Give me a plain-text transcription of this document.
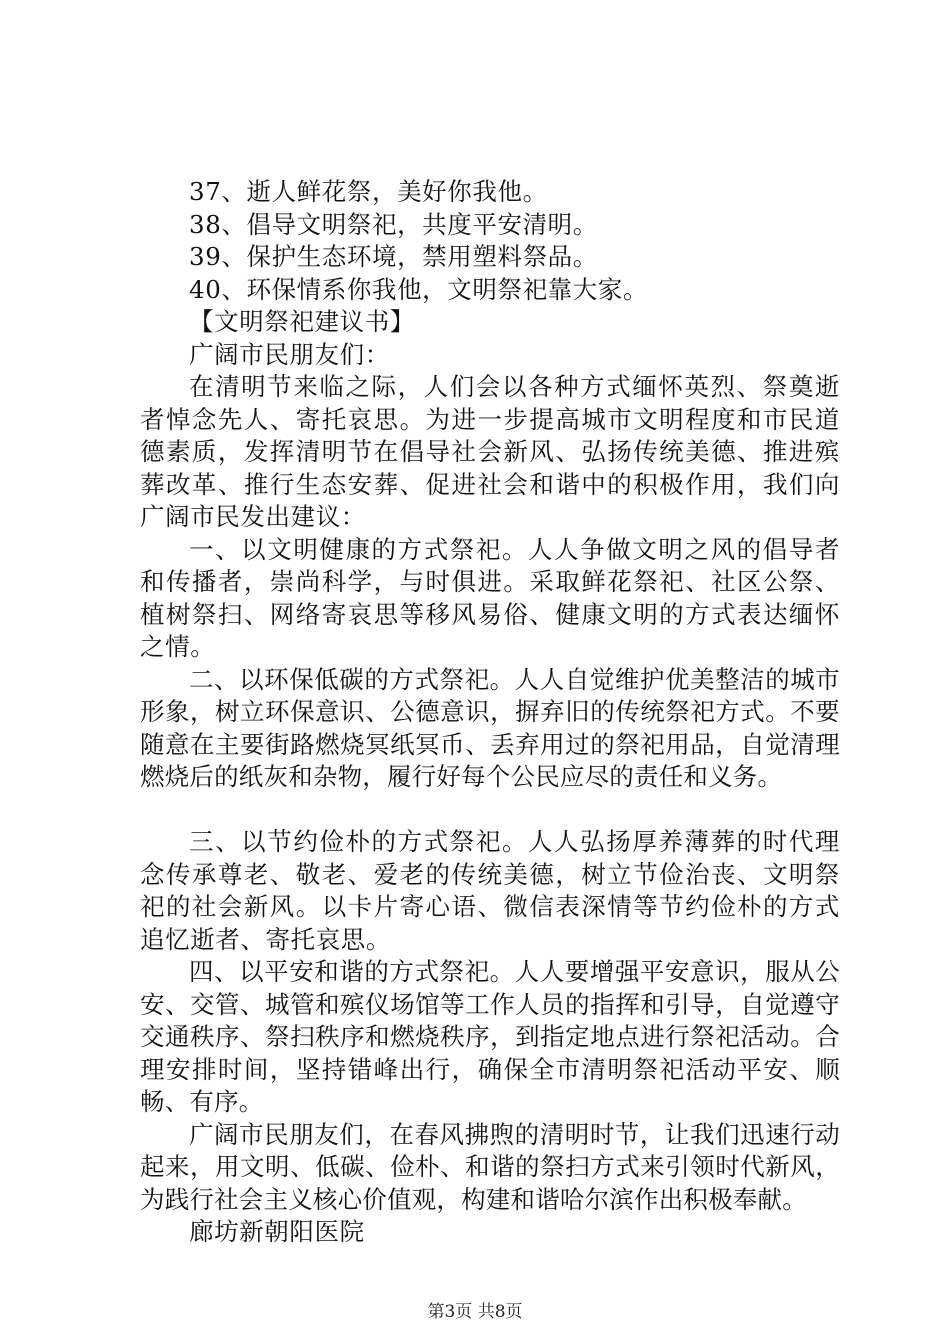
37、逝人鲜花祭，美好你我他。

38、倡导文明祭祀，共度平安清明。

39、保护生态环境，禁用塑料祭品。

40、环保情系你我他，文明祭祀靠大家。

【文明祭祀建议书】

广阔市民朋友们：

在清明节来临之际，人们会以各种方式缅怀英烈、祭奠逝者悼念先人、寄托哀思。为进一步提高城市文明程度和市民道德素质，发挥清明节在倡导社会新风、弘扬传统美德、推进殡葬改革、推行生态安葬、促进社会和谐中的积极作用，我们向广阔市民发出建议：

一、以文明健康的方式祭祀。人人争做文明之风的倡导者和传播者，崇尚科学，与时俱进。采取鲜花祭祀、社区公祭、植树祭扫、网络寄哀思等移风易俗、健康文明的方式表达缅怀之情。

二、以环保低碳的方式祭祀。人人自觉维护优美整洁的城市形象，树立环保意识、公德意识，摒弃旧的传统祭祀方式。不要随意在主要街路燃烧冥纸冥币、丢弃用过的祭祀用品，自觉清理燃烧后的纸灰和杂物，履行好每个公民应尽的责任和义务。

三、以节约俭朴的方式祭祀。人人弘扬厚养薄葬的时代理念传承尊老、敬老、爱老的传统美德，树立节俭治丧、文明祭祀的社会新风。以卡片寄心语、微信表深情等节约俭朴的方式追忆逝者、寄托哀思。

四、以平安和谐的方式祭祀。人人要增强平安意识，服从公安、交管、城管和殡仪场馆等工作人员的指挥和引导，自觉遵守交通秩序、祭扫秩序和燃烧秩序，到指定地点进行祭祀活动。合理安排时间，坚持错峰出行，确保全市清明祭祀活动平安、顺畅、有序。

广阔市民朋友们，在春风拂煦的清明时节，让我们迅速行动起来，用文明、低碳、俭朴、和谐的祭扫方式来引领时代新风，为践行社会主义核心价值观，构建和谐哈尔滨作出积极奉献。

廊坊新朝阳医院

第3页 共8页
